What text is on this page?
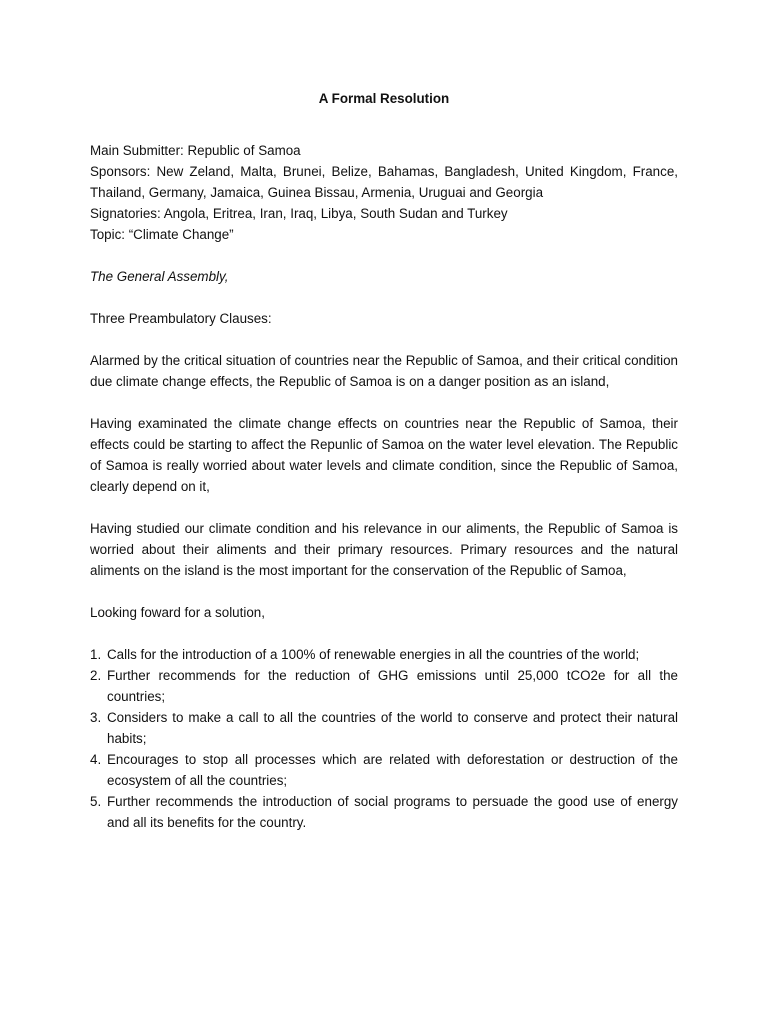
A Formal Resolution

Main Submitter: Republic of Samoa

Sponsors: New Zeland, Malta, Brunei, Belize, Bahamas, Bangladesh, United Kingdom, France, Thailand, Germany, Jamaica, Guinea Bissau, Armenia, Uruguai and Georgia

Signatories: Angola, Eritrea, Iran, Iraq, Libya, South Sudan and Turkey

Topic: “Climate Change”

The General Assembly,

Three Preambulatory Clauses:

Alarmed by the critical situation of countries near the Republic of Samoa, and their critical condition due climate change effects, the Republic of Samoa is on a danger position as an island,

Having examinated the climate change effects on countries near the Republic of Samoa, their effects could be starting to affect the Repunlic of Samoa on the water level elevation. The Republic of Samoa is really worried about water levels and climate condition, since the Republic of Samoa, clearly depend on it,

Having studied our climate condition and his relevance in our aliments, the Republic of Samoa is worried about their aliments and their primary resources. Primary resources and the natural aliments on the island is the most important for the conservation of the Republic of Samoa,

Looking foward for a solution,

1. Calls for the introduction of a 100% of renewable energies in all the countries of the world;
2. Further recommends for the reduction of GHG emissions until 25,000 tCO2e for all the countries;
3. Considers to make a call to all the countries of the world to conserve and protect their natural habits;
4. Encourages to stop all processes which are related with deforestation or destruction of the ecosystem of all the countries;
5. Further recommends the introduction of social programs to persuade the good use of energy and all its benefits for the country.
